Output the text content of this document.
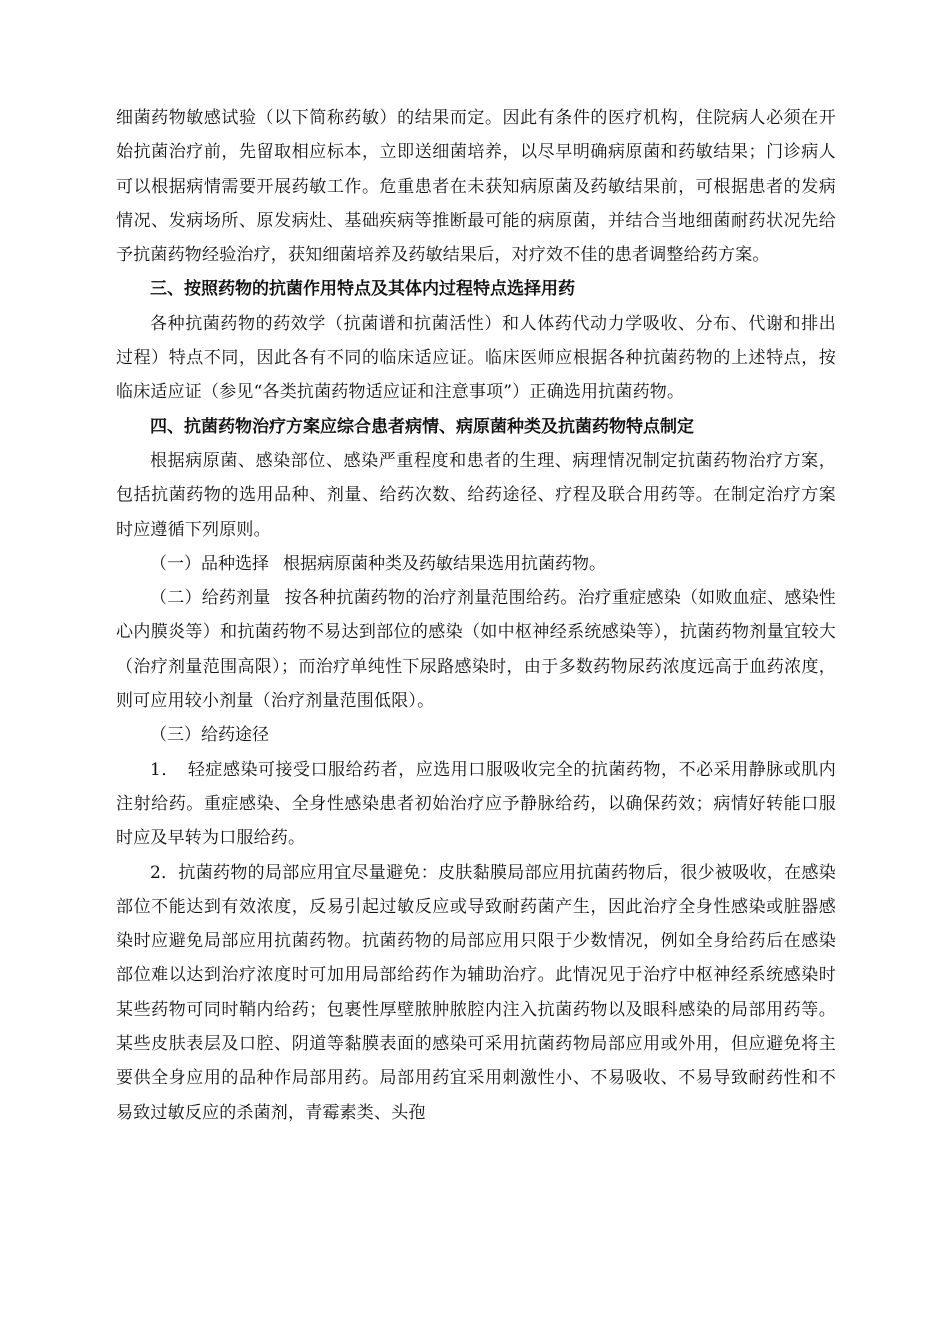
细菌药物敏感试验（以下简称药敏）的结果而定。因此有条件的医疗机构，住院病人必须在开始抗菌治疗前，先留取相应标本，立即送细菌培养，以尽早明确病原菌和药敏结果；门诊病人可以根据病情需要开展药敏工作。危重患者在未获知病原菌及药敏结果前，可根据患者的发病情况、发病场所、原发病灶、基础疾病等推断最可能的病原菌，并结合当地细菌耐药状况先给予抗菌药物经验治疗，获知细菌培养及药敏结果后，对疗效不佳的患者调整给药方案。

三、按照药物的抗菌作用特点及其体内过程特点选择用药

各种抗菌药物的药效学（抗菌谱和抗菌活性）和人体药代动力学吸收、分布、代谢和排出过程）特点不同，因此各有不同的临床适应证。临床医师应根据各种抗菌药物的上述特点，按临床适应证（参见“各类抗菌药物适应证和注意事项”）正确选用抗菌药物。

四、抗菌药物治疗方案应综合患者病情、病原菌种类及抗菌药物特点制定

根据病原菌、感染部位、感染严重程度和患者的生理、病理情况制定抗菌药物治疗方案，包括抗菌药物的选用品种、剂量、给药次数、给药途径、疗程及联合用药等。在制定治疗方案时应遵循下列原则。

（一）品种选择 根据病原菌种类及药敏结果选用抗菌药物。

（二）给药剂量 按各种抗菌药物的治疗剂量范围给药。治疗重症感染（如败血症、感染性心内膜炎等）和抗菌药物不易达到部位的感染（如中枢神经系统感染等），抗菌药物剂量宜较大（治疗剂量范围高限）；而治疗单纯性下尿路感染时，由于多数药物尿药浓度远高于血药浓度，则可应用较小剂量（治疗剂量范围低限）。

（三）给药途径

1．　轻症感染可接受口服给药者，应选用口服吸收完全的抗菌药物，不必采用静脉或肌内注射给药。重症感染、全身性感染患者初始治疗应予静脉给药，以确保药效；病情好转能口服时应及早转为口服给药。

2．抗菌药物的局部应用宜尽量避免：皮肤黏膜局部应用抗菌药物后，很少被吸收，在感染部位不能达到有效浓度，反易引起过敏反应或导致耐药菌产生，因此治疗全身性感染或脏器感染时应避免局部应用抗菌药物。抗菌药物的局部应用只限于少数情况，例如全身给药后在感染部位难以达到治疗浓度时可加用局部给药作为辅助治疗。此情况见于治疗中枢神经系统感染时某些药物可同时鞘内给药；包裹性厚壁脓肿脓腔内注入抗菌药物以及眼科感染的局部用药等。某些皮肤表层及口腔、阴道等黏膜表面的感染可采用抗菌药物局部应用或外用，但应避免将主要供全身应用的品种作局部用药。局部用药宜采用刺激性小、不易吸收、不易导致耐药性和不易致过敏反应的杀菌剂，青霉素类、头孢
